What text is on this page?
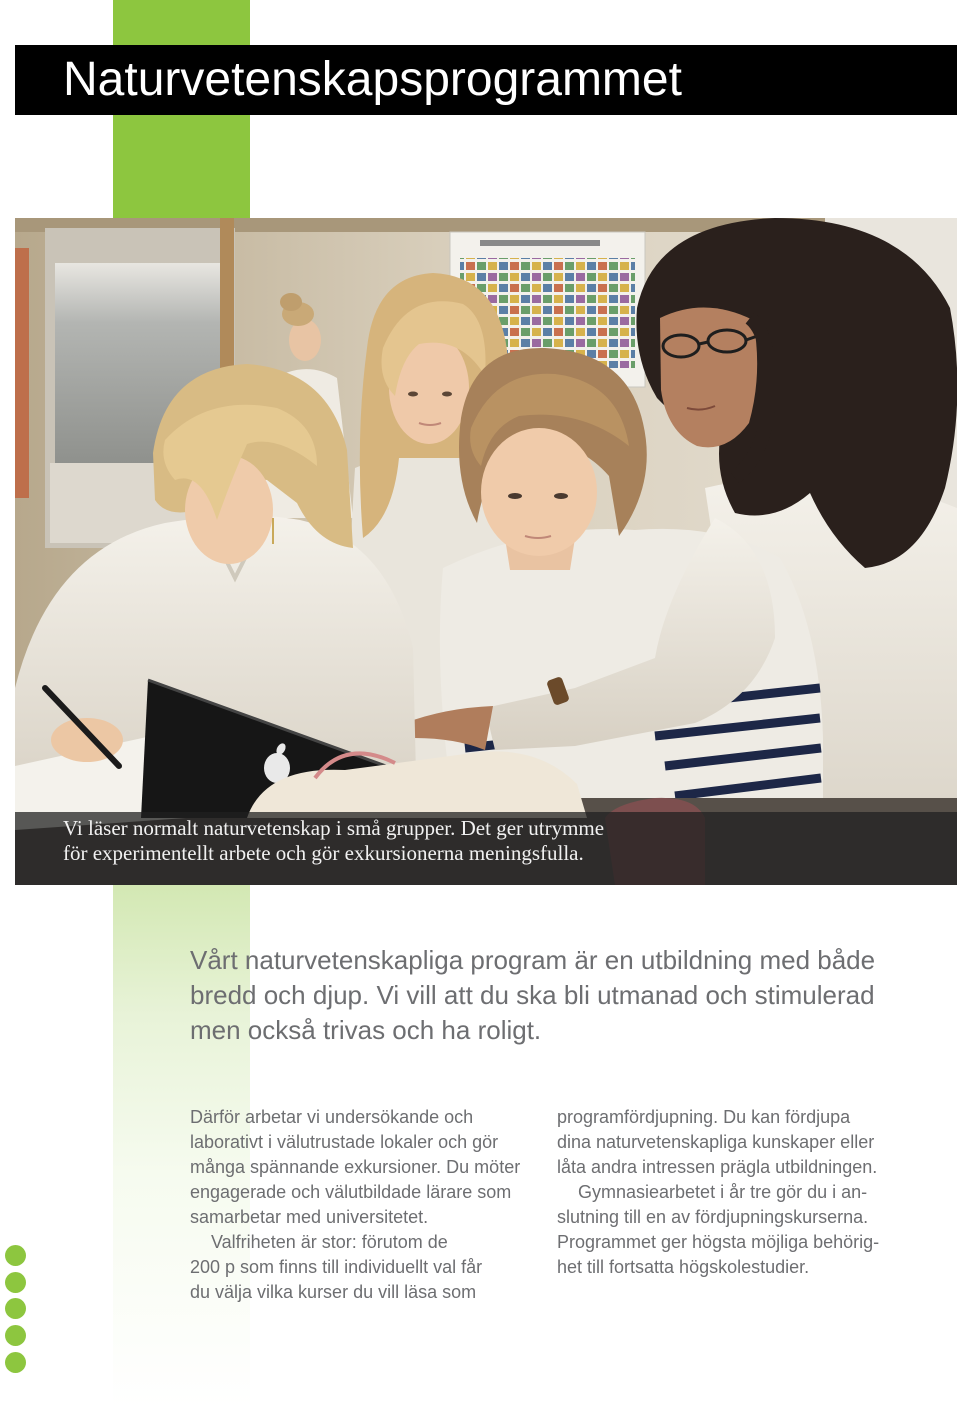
Naturvetenskapsprogrammet
Vi läser normalt naturvetenskap i små grupper. Det ger utrymme
för experimentellt arbete och gör exkursionerna meningsfulla.
Vårt naturvetenskapliga program är en utbildning med både
bredd och djup. Vi vill att du ska bli utmanad och stimulerad
men också trivas och ha roligt.
Därför arbetar vi undersökande och
laborativt i välutrustade lokaler och gör
många spännande exkursioner. Du möter
engagerade och välutbildade lärare som
samarbetar med universitetet.
Valfriheten är stor: förutom de
200 p som finns till individuellt val får
du välja vilka kurser du vill läsa som
programfördjupning. Du kan fördjupa
dina naturvetenskapliga kunskaper eller
låta andra intressen prägla utbildningen.
Gymnasiearbetet i år tre gör du i an-
slutning till en av fördjupningskurserna.
Programmet ger högsta möjliga behörig-
het till fortsatta högskolestudier.
